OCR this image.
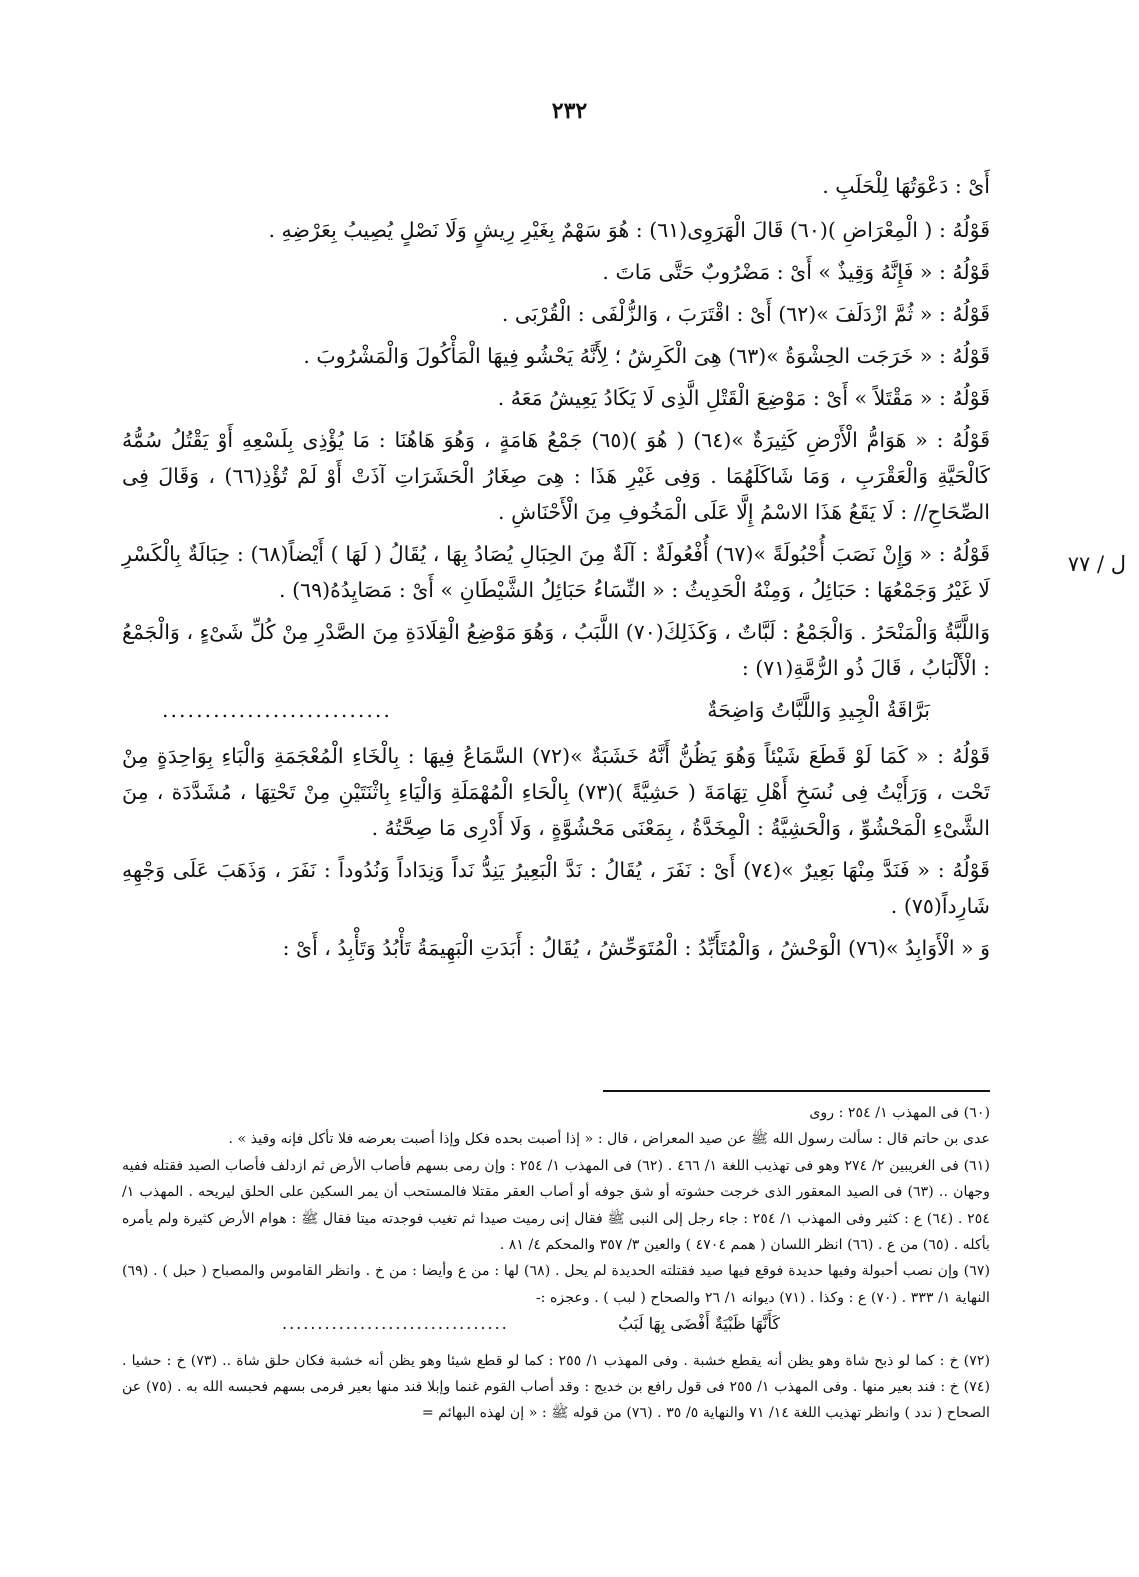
٢٣٢
ل / ٧٧

أَىْ : دَعْوَتُهَا لِلْحَلَبِ .

قَوْلُهُ : ( الْمِعْرَاضِ )(٦٠) قَالَ الْهَرَوِى(٦١) : هُوَ سَهْمٌ بِغَيْرِ رِيشٍ وَلَا نَصْلٍ يُصِيبُ بِعَرْضِهِ .

قَوْلُهُ : « فَإِنَّهُ وَقِيذٌ » أَىْ : مَضْرُوبٌ حَتَّى مَاتَ .

قَوْلُهُ : « ثُمَّ ازْدَلَفَ »(٦٢) أَىْ : اقْتَرَبَ ، وَالزُّلْفَى : الْقُرْبَى .

قَوْلُهُ : « خَرَجَت الحِشْوَةُ »(٦٣) هِىَ الْكَرِشُ ؛ لِأَنَّهُ يَحْشُو فِيهَا الْمَأْكُولَ وَالْمَشْرُوبَ .

قَوْلُهُ : « مَقْتَلاً » أَىْ : مَوْضِعَ الْقَتْلِ الَّذِى لَا يَكَادُ يَعِيشُ مَعَهُ .

قَوْلُهُ : « هَوَامُّ الْأَرْضِ كَثِيرَةٌ »(٦٤) ( هُوَ )(٦٥) جَمْعُ هَامَةٍ ، وَهُوَ هَاهُنَا : مَا يُؤْذِى بِلَسْعِهِ أَوْ يَقْتُلُ سُمُّهُ كَالْحَيَّةِ وَالْعَقْرَبِ ، وَمَا شَاكَلَهُمَا . وَفِى غَيْرِ هَذَا : هِىَ صِغَارُ الْحَشَرَاتِ آذَتْ أَوْ لَمْ تُؤْذِ(٦٦) ، وَقَالَ فِى الصِّحَاحِ// : لَا يَقَعُ هَذَا الاسْمُ إِلَّا عَلَى الْمَخُوفِ مِنَ الْأَحْنَاشِ .

قَوْلُهُ : « وَإِنْ نَصَبَ أُحْبُولَةً »(٦٧) أُفْعُولَةٌ : آلَةٌ مِنَ الحِبَالِ يُصَادُ بِهَا ، يُقَالُ ( لَهَا ) أَيْضاً(٦٨) : حِبَالَةٌ بِالْكَسْرِ لَا غَيْرُ وَجَمْعُهَا : حَبَائِلُ ، وَمِنْهُ الْحَدِيثُ : « النِّسَاءُ حَبَائِلُ الشَّيْطَانِ » أَىْ : مَصَايِدُهُ(٦٩) .

وَاللَّبَّةُ وَالْمَنْحَرُ . وَالْجَمْعُ : لَبَّاتٌ ، وَكَذَلِكَ(٧٠) اللَّبَبُ ، وَهُوَ مَوْضِعُ الْقِلَادَةِ مِنَ الصَّدْرِ مِنْ كُلِّ شَىْءٍ ، وَالْجَمْعُ : الْأَلْبَابُ ، قَالَ ذُو الرُّمَّةِ(٧١) :

بَرَّاقَةُ الْجِيدِ وَاللَّبَّاتُ وَاضِحَةٌ
...........................

قَوْلُهُ : « كَمَا لَوْ قَطَعَ شَيْئاً وَهُوَ يَظُنُّ أَنَّهُ خَشَبَةٌ »(٧٢) السَّمَاعُ فِيهَا : بِالْخَاءِ الْمُعْجَمَةِ وَالْبَاءِ بِوَاحِدَةٍ مِنْ تَحْت ، وَرَأَيْتُ فِى نُسَخِ أَهْلِ تِهَامَةَ ( حَشِيَّةً )(٧٣) بِالْحَاءِ الْمُهْمَلَةِ وَالْيَاءِ بِاثْنَتَيْنِ مِنْ تَحْتِهَا ، مُشَدَّدَة ، مِنَ الشَّىْءِ الْمَحْشُوِّ ، وَالْحَشِيَّةُ : الْمِخَدَّةُ ، بِمَعْنَى مَحْشُوَّةٍ ، وَلَا أَدْرِى مَا صِحَّتُهُ .

قَوْلُهُ : « فَنَدَّ مِنْهَا بَعِيرٌ »(٧٤) أَىْ : نَفَرَ ، يُقَالُ : نَدَّ الْبَعِيرُ يَنِدُّ نَداً وَنِدَاداً وَنُدُوداً : نَفَرَ ، وَذَهَبَ عَلَى وَجْهِهِ شَارِداً(٧٥) .

وَ « الْأَوَابِدُ »(٧٦) الْوَحْشُ ، وَالْمُتَأَبِّدُ : الْمُتَوَحِّشُ ، يُقَالُ : أَبَدَتِ الْبَهِيمَةُ تَأْبُدُ وَتَأْبِدُ ، أَىْ :

(٦٠) فى المهذب ١/ ٢٥٤ : روى

عدى بن حاتم قال : سألت رسول الله ﷺ عن صيد المعراض ، قال : « إذا أصبت بحده فكل وإذا أصبت بعرضه فلا تأكل فإنه وقيذ » .

(٦١) فى الغريبين ٢/ ٢٧٤ وهو فى تهذيب اللغة ١/ ٤٦٦ . (٦٢) فى المهذب ١/ ٢٥٤ : وإن رمى بسهم فأصاب الأرض ثم ازدلف فأصاب الصيد فقتله ففيه وجهان .. (٦٣) فى الصيد المعقور الذى خرجت حشوته أو شق جوفه أو أصاب العقر مقتلا فالمستحب أن يمر السكين على الحلق ليريحه . المهذب ١/ ٢٥٤ . (٦٤) ع : كثير وفى المهذب ١/ ٢٥٤ : جاء رجل إلى النبى ﷺ فقال إنى رميت صيدا ثم تغيب فوجدته ميتا فقال ﷺ : هوام الأرض كثيرة ولم يأمره بأكله . (٦٥) من ع . (٦٦) انظر اللسان ( همم ٤٧٠٤ ) والعين ٣/ ٣٥٧ والمحكم ٤/ ٨١ .

(٦٧) وإن نصب أحبولة وفيها حديدة فوقع فيها صيد فقتلته الحديدة لم يحل . (٦٨) لها : من ع وأيضا : من خ . وانظر القاموس والمصباح ( حبل ) . (٦٩) النهاية ١/ ٣٣٣ . (٧٠) ع : وكذا . (٧١) ديوانه ١/ ٢٦ والصحاح ( لبب ) . وعجزه :-

كَأَنَّهَا ظَبْيَةٌ أَفْضَى بِهَا لَبَبُ
................................

(٧٢) خ : كما لو ذبح شاة وهو يظن أنه يقطع خشبة . وفى المهذب ١/ ٢٥٥ : كما لو قطع شيئا وهو يظن أنه خشبة فكان حلق شاة .. (٧٣) خ : حشيا . (٧٤) خ : فند بعير منها . وفى المهذب ١/ ٢٥٥ فى قول رافع بن خديج : وقد أصاب القوم غنما وإبلا فند منها بعير فرمى بسهم فحبسه الله به . (٧٥) عن الصحاح ( ندد ) وانظر تهذيب اللغة ١٤/ ٧١ والنهاية ٥/ ٣٥ . (٧٦) من قوله ﷺ : « إن لهذه البهائم =
